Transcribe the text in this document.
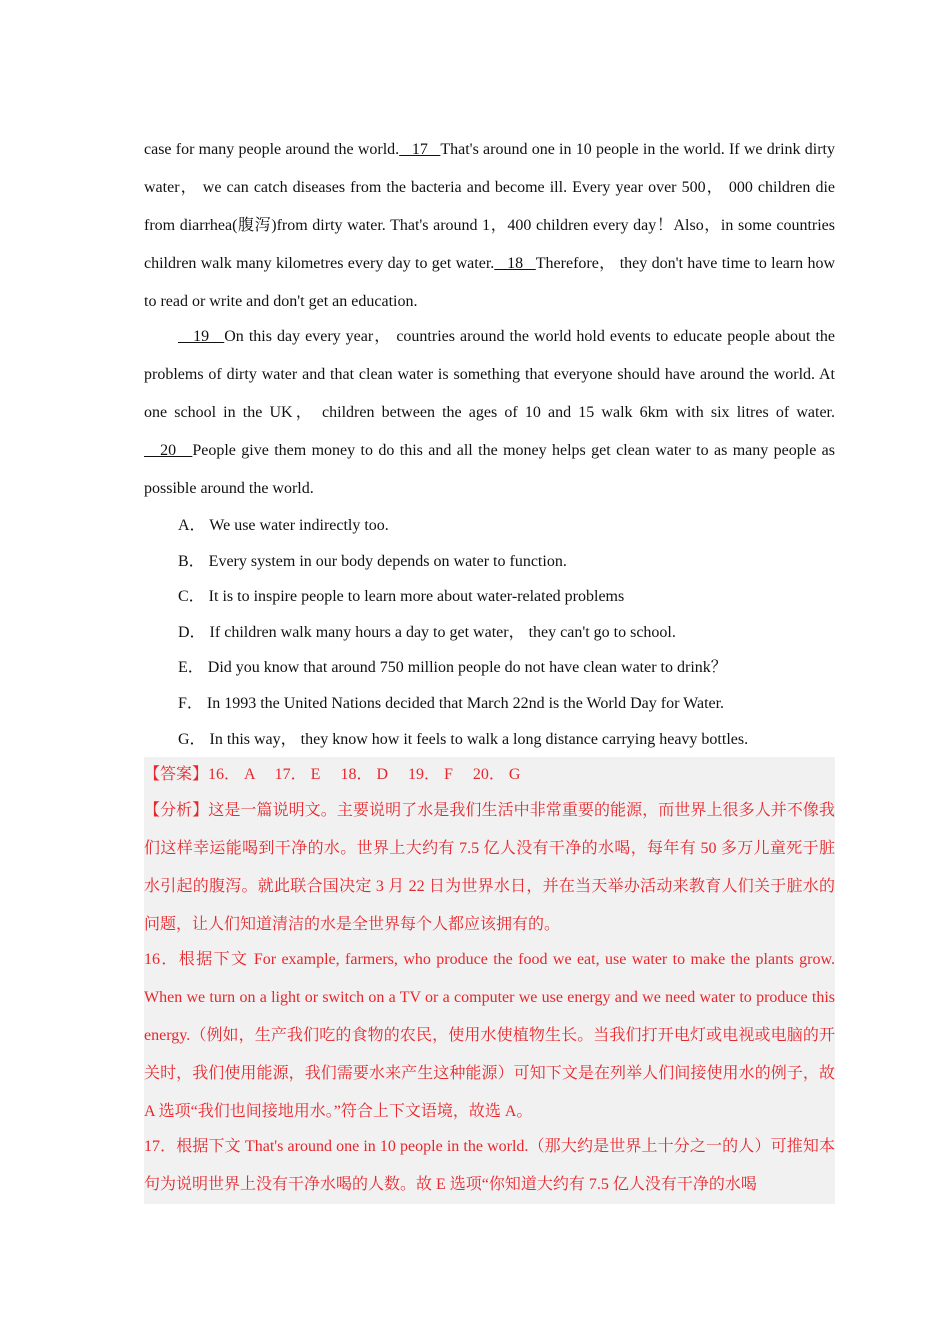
case for many people around the world.   17   That's around one in 10 people in the world. If we drink dirty water， we can catch diseases from the bacteria and become ill. Every year over 500， 000 children die from diarrhea(腹泻)from dirty water. That's around 1，400 children every day！Also，in some countries children walk many kilometres every day to get water.   18   Therefore， they don't have time to learn how to read or write and don't get an education.

19   On this day every year， countries around the world hold events to educate people about the problems of dirty water and that clean water is something that everyone should have around the world. At one school in the UK， children between the ages of 10 and 15 walk 6km with six litres of water.   20   People give them money to do this and all the money helps get clean water to as many people as possible around the world.

A． We use water indirectly too.
B． Every system in our body depends on water to function.
C． It is to inspire people to learn more about water-related problems
D． If children walk many hours a day to get water， they can't go to school.
E． Did you know that around 750 million people do not have clean water to drink？
F． In 1993 the United Nations decided that March 22nd is the World Day for Water.
G． In this way， they know how it feels to walk a long distance carrying heavy bottles.
【答案】16． A　 17． E　 18． D　 19． F　 20． G

【分析】这是一篇说明文。主要说明了水是我们生活中非常重要的能源，而世界上很多人并不像我们这样幸运能喝到干净的水。世界上大约有 7.5 亿人没有干净的水喝，每年有 50 多万儿童死于脏水引起的腹泻。就此联合国决定 3 月 22 日为世界水日，并在当天举办活动来教育人们关于脏水的问题，让人们知道清洁的水是全世界每个人都应该拥有的。

16．根据下文 For example, farmers, who produce the food we eat, use water to make the plants grow. When we turn on a light or switch on a TV or a computer we use energy and we need water to produce this energy.（例如，生产我们吃的食物的农民，使用水使植物生长。当我们打开电灯或电视或电脑的开关时，我们使用能源，我们需要水来产生这种能源）可知下文是在列举人们间接使用水的例子，故 A 选项“我们也间接地用水。”符合上下文语境，故选 A。

17．根据下文 That's around one in 10 people in the world.（那大约是世界上十分之一的人）可推知本句为说明世界上没有干净水喝的人数。故 E 选项“你知道大约有 7.5 亿人没有干净的水喝
